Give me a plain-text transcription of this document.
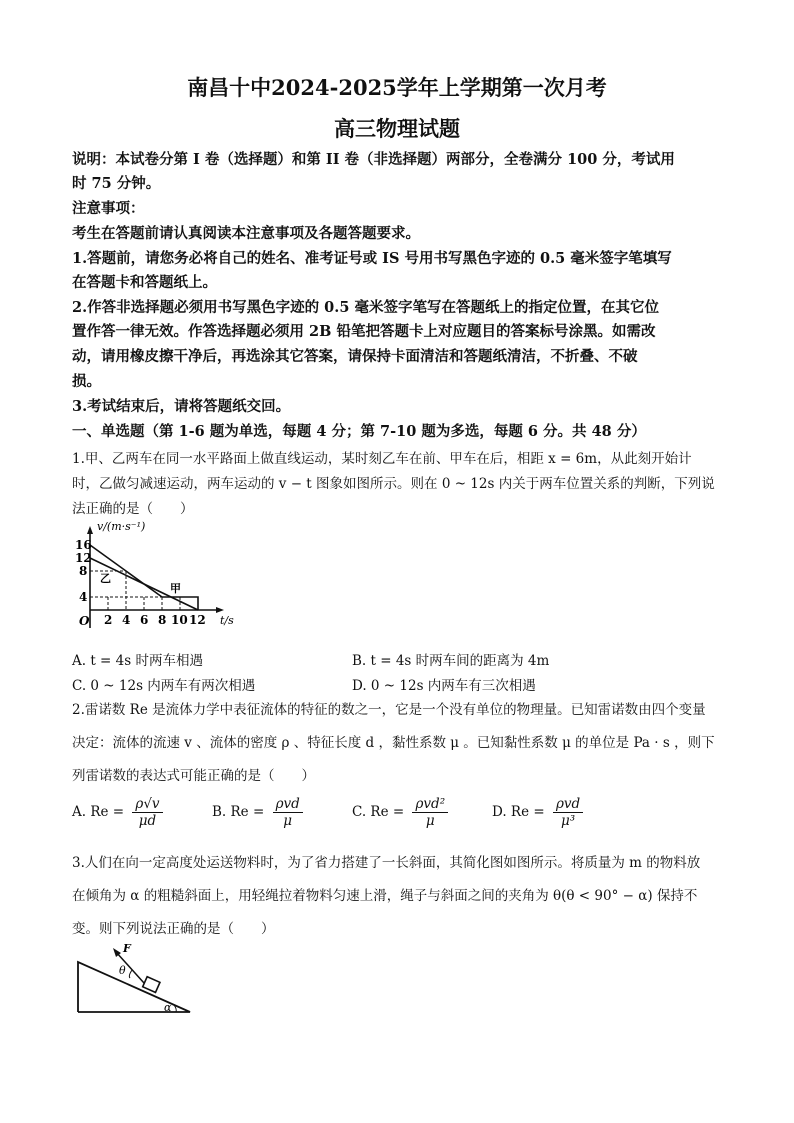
南昌十中2024-2025学年上学期第一次月考
高三物理试题
说明：本试卷分第 I 卷（选择题）和第 II 卷（非选择题）两部分，全卷满分 100 分，考试用
时 75 分钟。
注意事项：
考生在答题前请认真阅读本注意事项及各题答题要求。
1.答题前，请您务必将自己的姓名、准考证号或 IS 号用书写黑色字迹的 0.5 毫米签字笔填写
在答题卡和答题纸上。
2.作答非选择题必须用书写黑色字迹的 0.5 毫米签字笔写在答题纸上的指定位置，在其它位
置作答一律无效。作答选择题必须用 2B 铅笔把答题卡上对应题目的答案标号涂黑。如需改
动，请用橡皮擦干净后，再选涂其它答案，请保持卡面清洁和答题纸清洁，不折叠、不破
损。
3.考试结束后，请将答题纸交回。
一、单选题（第 1-6 题为单选，每题 4 分；第 7-10 题为多选，每题 6 分。共 48 分）
1.甲、乙两车在同一水平路面上做直线运动，某时刻乙车在前、甲车在后，相距 x = 6m，从此刻开始计
时，乙做匀减速运动，两车运动的 v − t 图象如图所示。则在 0 ~ 12s 内关于两车位置关系的判断，下列说
法正确的是（　　）
v/(m·s⁻¹)
t/s
O
16
12
8
4
2 4 6 8 10 12
乙
甲
A. t = 4s 时两车相遇	B. t = 4s 时两车间的距离为 4m
C. 0 ~ 12s 内两车有两次相遇	D. 0 ~ 12s 内两车有三次相遇
2.雷诺数 Re 是流体力学中表征流体的特征的数之一，它是一个没有单位的物理量。已知雷诺数由四个变量
决定：流体的流速 v 、流体的密度 ρ 、特征长度 d ，黏性系数 μ 。已知黏性系数 μ 的单位是 Pa · s ，则下
列雷诺数的表达式可能正确的是（　　）
A. $Re = \frac{\rho√v}{\mu d}$	B. $Re = \frac{\text{ρvd}}{\mu}$	C. $Re = \frac{\text{ρvd²}}{\mu}$	D. $Re = \frac{\text{ρvd}}{\text{μ³}}$
3.人们在向一定高度处运送物料时，为了省力搭建了一长斜面，其简化图如图所示。将质量为 m 的物料放
在倾角为 α 的粗糙斜面上，用轻绳拉着物料匀速上滑，绳子与斜面之间的夹角为 θ(θ < 90° − α) 保持不
变。则下列说法正确的是（　　）
F
θ
α
